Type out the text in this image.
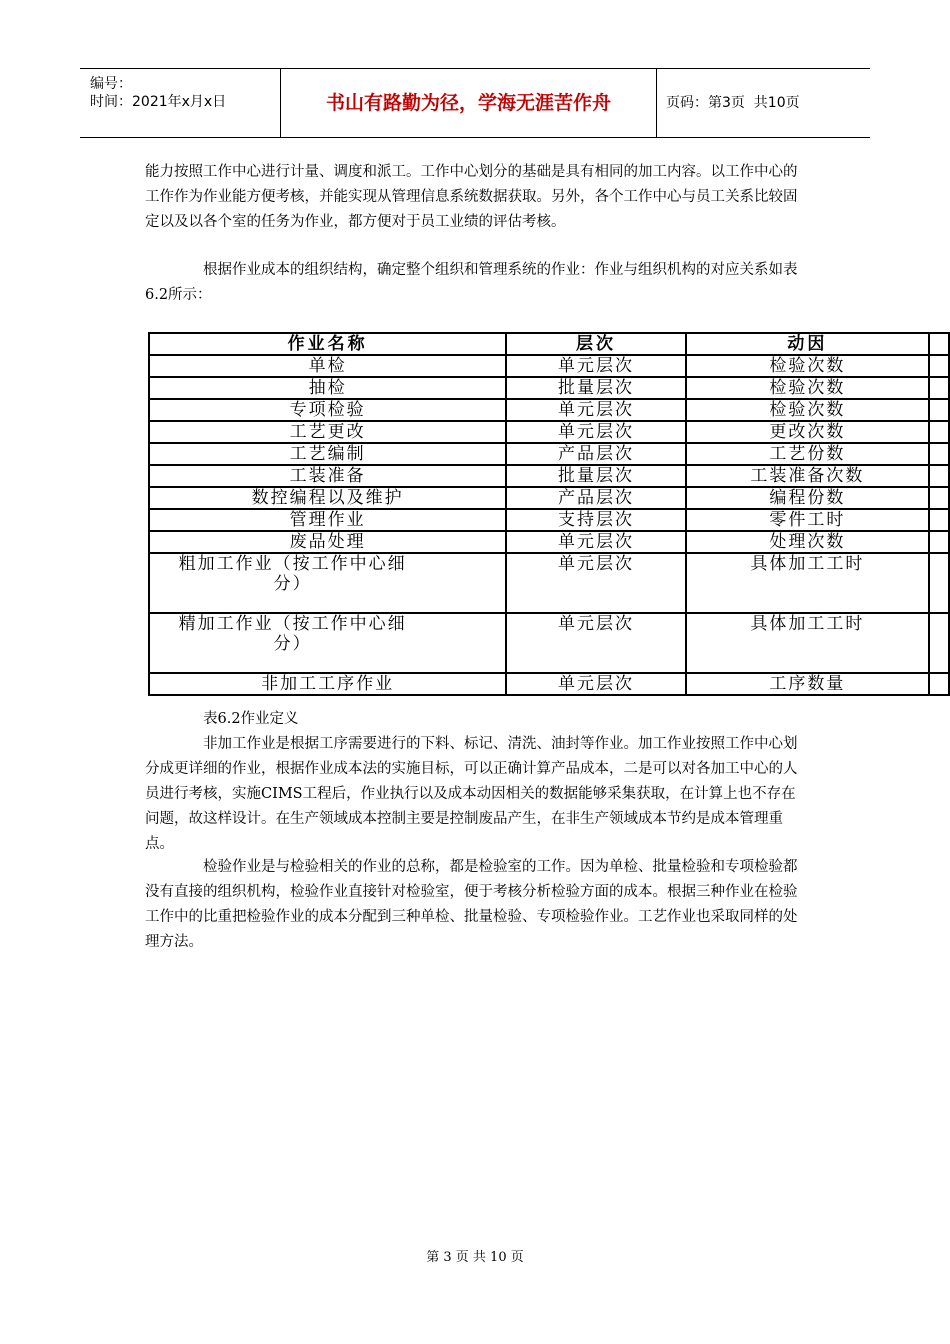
编号：
时间：2021年x月x日	书山有路勤为径，学海无涯苦作舟	页码：第3页  共10页
能力按照工作中心进行计量、调度和派工。工作中心划分的基础是具有相同的加工内容。以工作中心的工作作为作业能方便考核，并能实现从管理信息系统数据获取。另外，各个工作中心与员工关系比较固定以及以各个室的任务为作业，都方便对于员工业绩的评估考核。
根据作业成本的组织结构，确定整个组织和管理系统的作业：作业与组织机构的对应关系如表6.2所示：
作业名称	层次	动因	
单检	单元层次	检验次数	
抽检	批量层次	检验次数	
专项检验	单元层次	检验次数	
工艺更改	单元层次	更改次数	
工艺编制	产品层次	工艺份数	
工装准备	批量层次	工装准备次数	
数控编程以及维护	产品层次	编程份数	
管理作业	支持层次	零件工时	
废品处理	单元层次	处理次数	
粗加工作业（按工作中心细分）	单元层次	具体加工工时	
精加工作业（按工作中心细分）	单元层次	具体加工工时	
非加工工序作业	单元层次	工序数量	
表6.2作业定义
非加工作业是根据工序需要进行的下料、标记、清洗、油封等作业。加工作业按照工作中心划分成更详细的作业，根据作业成本法的实施目标，可以正确计算产品成本，二是可以对各加工中心的人员进行考核，实施CIMS工程后，作业执行以及成本动因相关的数据能够采集获取，在计算上也不存在问题，故这样设计。在生产领域成本控制主要是控制废品产生，在非生产领域成本节约是成本管理重点。
检验作业是与检验相关的作业的总称，都是检验室的工作。因为单检、批量检验和专项检验都没有直接的组织机构，检验作业直接针对检验室，便于考核分析检验方面的成本。根据三种作业在检验工作中的比重把检验作业的成本分配到三种单检、批量检验、专项检验作业。工艺作业也采取同样的处理方法。
第 3 页 共 10 页
